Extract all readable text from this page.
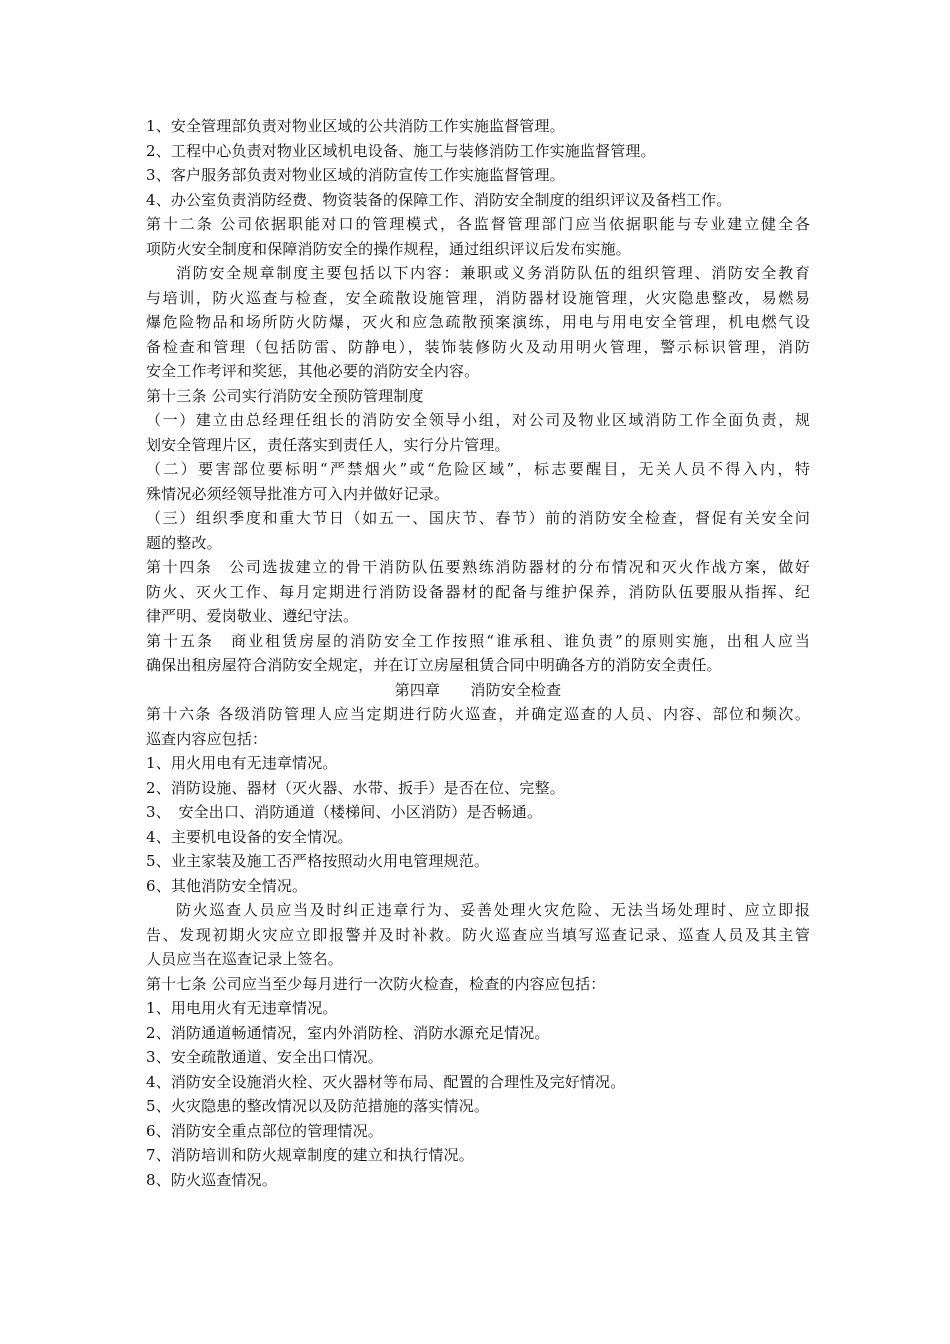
1、安全管理部负责对物业区域的公共消防工作实施监督管理。
2、工程中心负责对物业区域机电设备、施工与装修消防工作实施监督管理。
3、客户服务部负责对物业区域的消防宣传工作实施监督管理。
4、办公室负责消防经费、物资装备的保障工作、消防安全制度的组织评议及备档工作。
第十二条 公司依据职能对口的管理模式，各监督管理部门应当依据职能与专业建立健全各
项防火安全制度和保障消防安全的操作规程，通过组织评议后发布实施。
消防安全规章制度主要包括以下内容：兼职或义务消防队伍的组织管理、消防安全教育
与培训，防火巡查与检查，安全疏散设施管理，消防器材设施管理，火灾隐患整改，易燃易
爆危险物品和场所防火防爆，灭火和应急疏散预案演练，用电与用电安全管理，机电燃气设
备检查和管理（包括防雷、防静电），装饰装修防火及动用明火管理，警示标识管理，消防
安全工作考评和奖惩，其他必要的消防安全内容。
第十三条 公司实行消防安全预防管理制度
（一）建立由总经理任组长的消防安全领导小组，对公司及物业区域消防工作全面负责，规
划安全管理片区，责任落实到责任人，实行分片管理。
（二）要害部位要标明“严禁烟火”或“危险区域”，标志要醒目，无关人员不得入内，特
殊情况必须经领导批准方可入内并做好记录。
（三）组织季度和重大节日（如五一、国庆节、春节）前的消防安全检查，督促有关安全问
题的整改。
第十四条　公司选拔建立的骨干消防队伍要熟练消防器材的分布情况和灭火作战方案，做好
防火、灭火工作、每月定期进行消防设备器材的配备与维护保养，消防队伍要服从指挥、纪
律严明、爱岗敬业、遵纪守法。
第十五条　商业租赁房屋的消防安全工作按照“谁承租、谁负责”的原则实施，出租人应当
确保出租房屋符合消防安全规定，并在订立房屋租赁合同中明确各方的消防安全责任。
第四章　　消防安全检查
第十六条 各级消防管理人应当定期进行防火巡查，并确定巡查的人员、内容、部位和频次。
巡查内容应包括：
1、用火用电有无违章情况。
2、消防设施、器材（灭火器、水带、扳手）是否在位、完整。
3、　安全出口、消防通道（楼梯间、小区消防）是否畅通。
4、主要机电设备的安全情况。
5、业主家装及施工否严格按照动火用电管理规范。
6、其他消防安全情况。
防火巡查人员应当及时纠正违章行为、妥善处理火灾危险、无法当场处理时、应立即报
告、发现初期火灾应立即报警并及时补救。防火巡查应当填写巡查记录、巡查人员及其主管
人员应当在巡查记录上签名。
第十七条 公司应当至少每月进行一次防火检查，检查的内容应包括：
1、用电用火有无违章情况。
2、消防通道畅通情况，室内外消防栓、消防水源充足情况。
3、安全疏散通道、安全出口情况。
4、消防安全设施消火栓、灭火器材等布局、配置的合理性及完好情况。
5、火灾隐患的整改情况以及防范措施的落实情况。
6、消防安全重点部位的管理情况。
7、消防培训和防火规章制度的建立和执行情况。
8、防火巡查情况。
